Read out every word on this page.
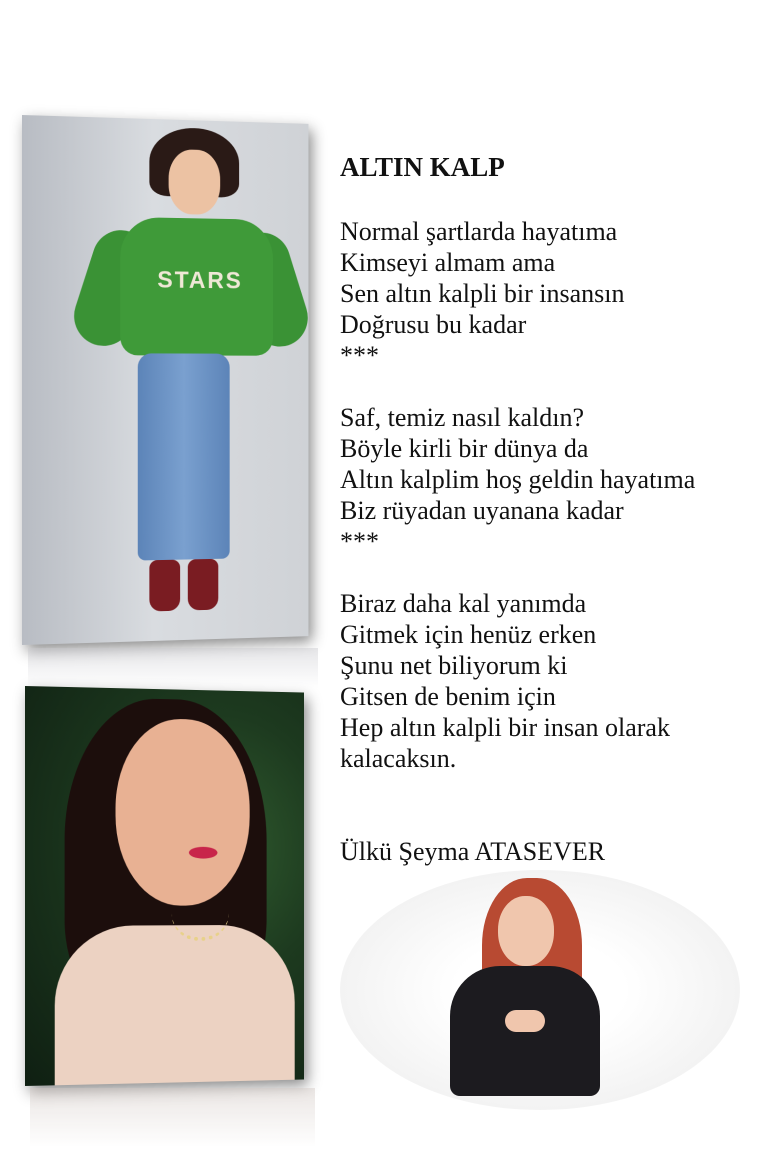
STARS
ALTIN KALP
Normal şartlarda hayatıma
Kimseyi almam ama
Sen altın kalpli bir insansın
Doğrusu bu kadar
***
Saf, temiz nasıl kaldın?
Böyle kirli bir dünya da
Altın kalplim hoş geldin hayatıma
Biz rüyadan uyanana kadar
***
Biraz daha kal yanımda
Gitmek için henüz erken
Şunu net biliyorum ki
Gitsen de benim için
Hep altın kalpli bir insan olarak
kalacaksın.
Ülkü Şeyma ATASEVER
